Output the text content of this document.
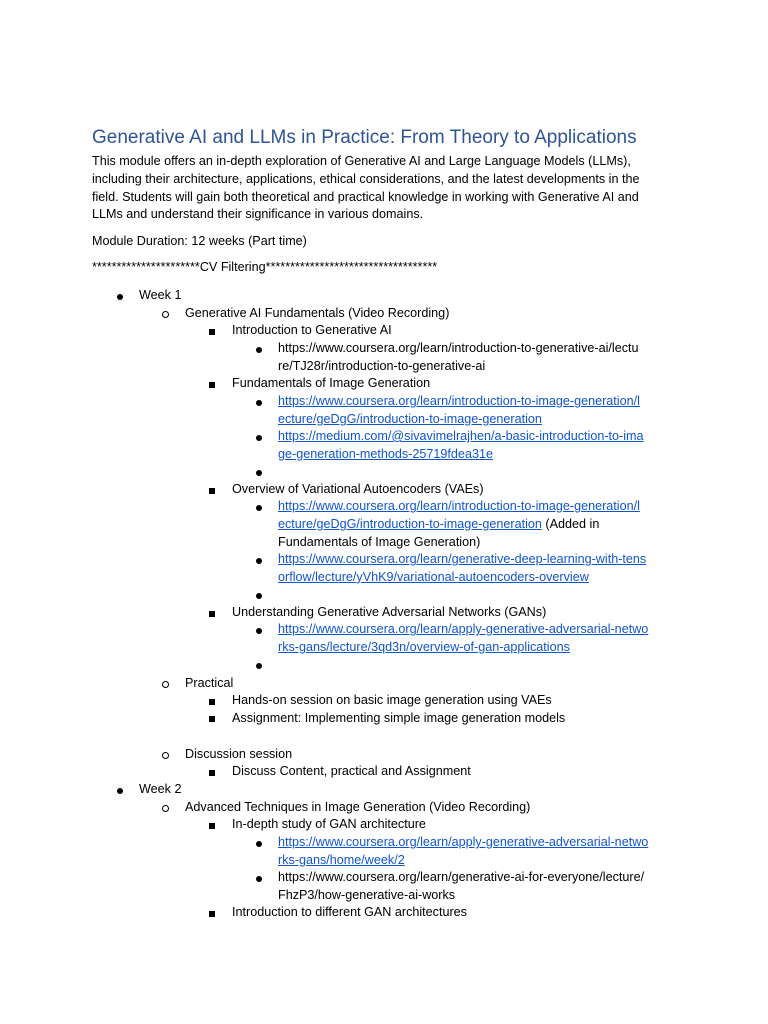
Generative AI and LLMs in Practice: From Theory to Applications
This module offers an in-depth exploration of Generative AI and Large Language Models (LLMs),
including their architecture, applications, ethical considerations, and the latest developments in the
field. Students will gain both theoretical and practical knowledge in working with Generative AI and
LLMs and understand their significance in various domains.
Module Duration: 12 weeks (Part time)
**********************CV Filtering***********************************
Week 1
Generative AI Fundamentals (Video Recording)
Introduction to Generative AI
https://www.coursera.org/learn/introduction-to-generative-ai/lectu
re/TJ28r/introduction-to-generative-ai
Fundamentals of Image Generation
https://www.coursera.org/learn/introduction-to-image-generation/l
ecture/geDgG/introduction-to-image-generation
https://medium.com/@sivavimelrajhen/a-basic-introduction-to-ima
ge-generation-methods-25719fdea31e
Overview of Variational Autoencoders (VAEs)
https://www.coursera.org/learn/introduction-to-image-generation/l
ecture/geDgG/introduction-to-image-generation (Added in
Fundamentals of Image Generation)
https://www.coursera.org/learn/generative-deep-learning-with-tens
orflow/lecture/yVhK9/variational-autoencoders-overview
Understanding Generative Adversarial Networks (GANs)
https://www.coursera.org/learn/apply-generative-adversarial-netwo
rks-gans/lecture/3qd3n/overview-of-gan-applications
Practical
Hands-on session on basic image generation using VAEs
Assignment: Implementing simple image generation models
Discussion session
Discuss Content, practical and Assignment
Week 2
Advanced Techniques in Image Generation (Video Recording)
In-depth study of GAN architecture
https://www.coursera.org/learn/apply-generative-adversarial-netwo
rks-gans/home/week/2
https://www.coursera.org/learn/generative-ai-for-everyone/lecture/
FhzP3/how-generative-ai-works
Introduction to different GAN architectures
